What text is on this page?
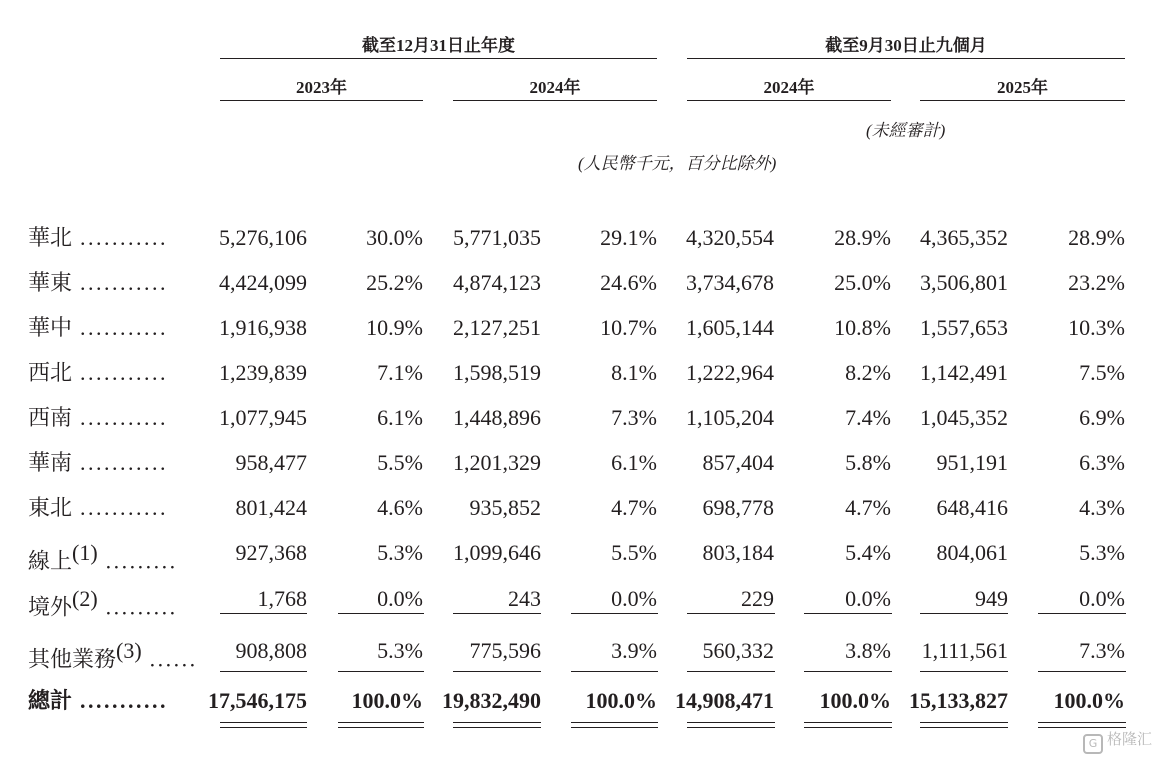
截至12月31日止年度	截至9月30日止九個月
2023年	2024年	2024年	2025年
(未經審計)
(人民幣千元，百分比除外)
華北 ........... 5,276,106	30.0% 5,771,035	29.1% 4,320,554	28.9% 4,365,352	28.9%
華東 ........... 4,424,099	25.2% 4,874,123	24.6% 3,734,678	25.0% 3,506,801	23.2%
華中 ........... 1,916,938	10.9% 2,127,251	10.7% 1,605,144	10.8% 1,557,653	10.3%
西北 ........... 1,239,839	7.1% 1,598,519	8.1% 1,222,964	8.2% 1,142,491	7.5%
西南 ........... 1,077,945	6.1% 1,448,896	7.3% 1,105,204	7.4% 1,045,352	6.9%
華南 ...........	958,477	5.5% 1,201,329	6.1% 857,404	5.8% 951,191	6.3%
東北 ...........	801,424	4.6% 935,852	4.7% 698,778	4.7% 648,416	4.3%
線上(1) .........	927,368	5.3% 1,099,646	5.5% 803,184	5.4% 804,061	5.3%
境外(2) .........	1,768	0.0%	243	0.0%	229	0.0%	949	0.0%
其他業務(3) ...... 908,808	5.3% 775,596	3.9% 560,332	3.8% 1,111,561	7.3%
總計 ........... 17,546,175 100.0% 19,832,490 100.0% 14,908,471 100.0% 15,133,827 100.0%
G 格隆汇
